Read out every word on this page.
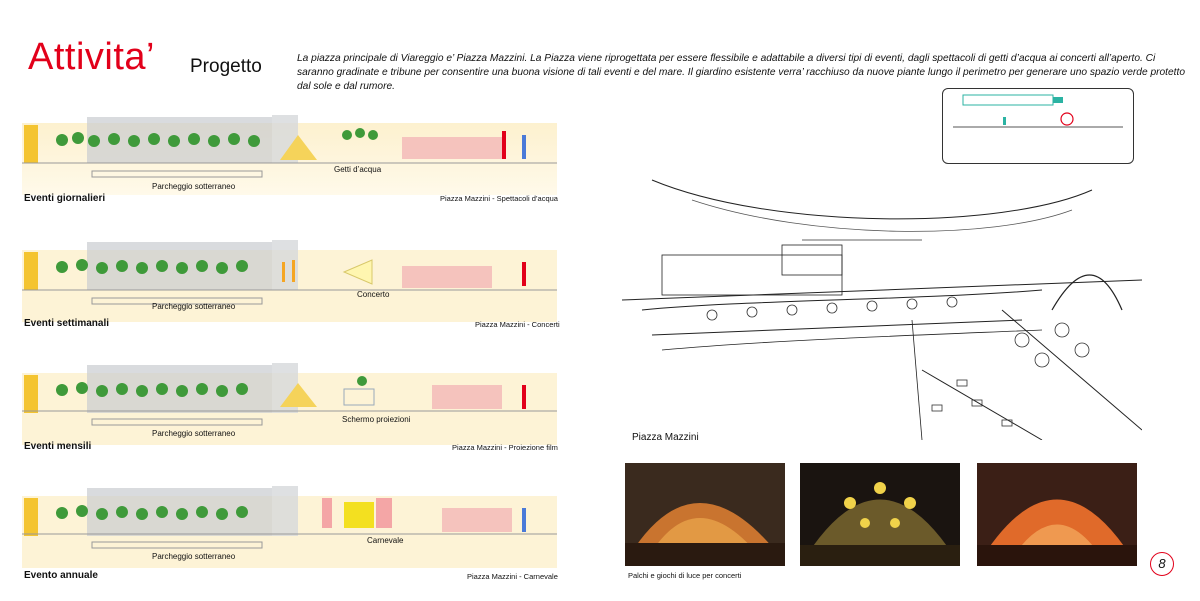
Attivita’ Progetto	La piazza principale di Viareggio e’ Piazza Mazzini. La Piazza viene riprogettata per essere flessibile e adattabile a diversi tipi di eventi, dagli spettacoli di getti d’acqua ai concerti all’aperto. Ci saranno gradinate e tribune per consentire una buona visione di tali eventi e del mare. Il giardino esistente verra’ racchiuso da nuove piante lungo il perimetro per generare uno spazio verde protetto dal sole e dal rumore.
Getti d’acqua
Parcheggio sotterraneo
Eventi giornalieri	Piazza Mazzini - Spettacoli d’acqua
Concerto
Parcheggio sotterraneo
Eventi settimanali	Piazza Mazzini - Concerti
Schermo proiezioni
Parcheggio sotterraneo
Eventi mensili	Piazza Mazzini - Proiezione film
Carnevale
Parcheggio sotterraneo
Evento annuale	Piazza Mazzini - Carnevale
Piazza Mazzini
Palchi e giochi di luce per concerti
8
